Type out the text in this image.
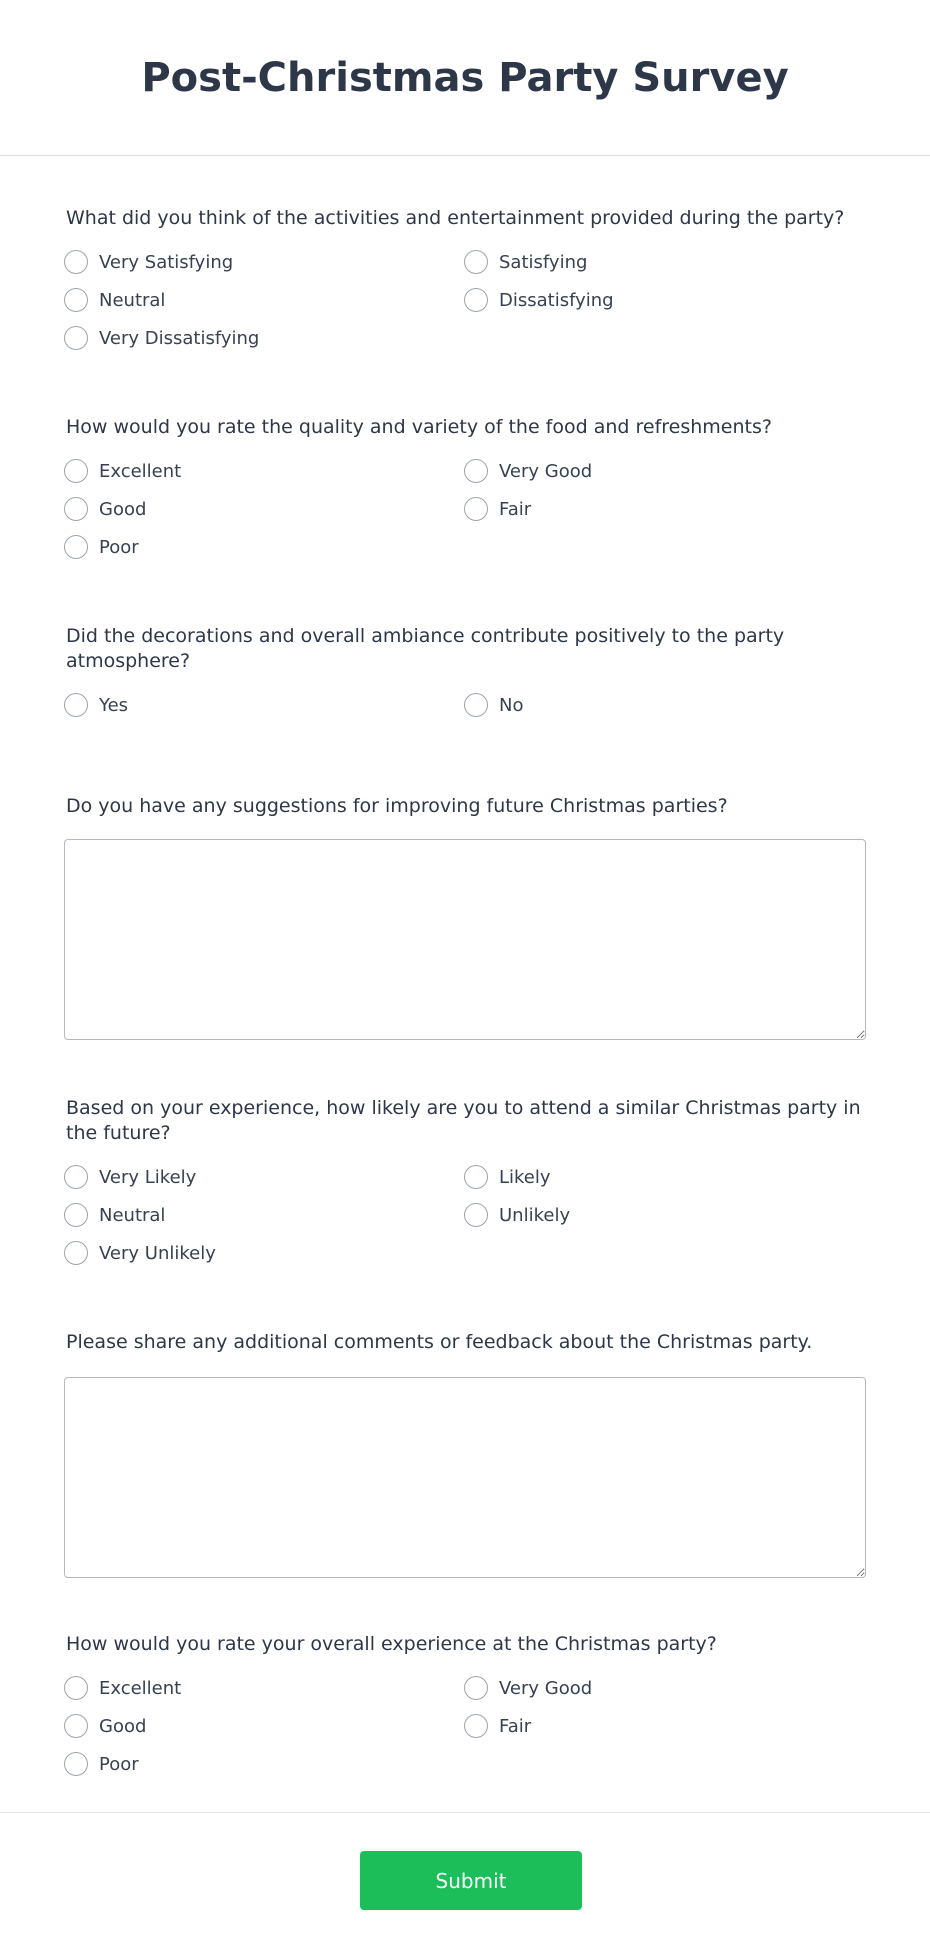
Post-Christmas Party Survey
What did you think of the activities and entertainment provided during the party?
Very Satisfying	Satisfying
Neutral	Dissatisfying
Very Dissatisfying
How would you rate the quality and variety of the food and refreshments?
Excellent	Very Good
Good	Fair
Poor
Did the decorations and overall ambiance contribute positively to the party atmosphere?
Yes	No
Do you have any suggestions for improving future Christmas parties?
Based on your experience, how likely are you to attend a similar Christmas party in the future?
Very Likely	Likely
Neutral	Unlikely
Very Unlikely
Please share any additional comments or feedback about the Christmas party.
How would you rate your overall experience at the Christmas party?
Excellent	Very Good
Good	Fair
Poor
Submit
